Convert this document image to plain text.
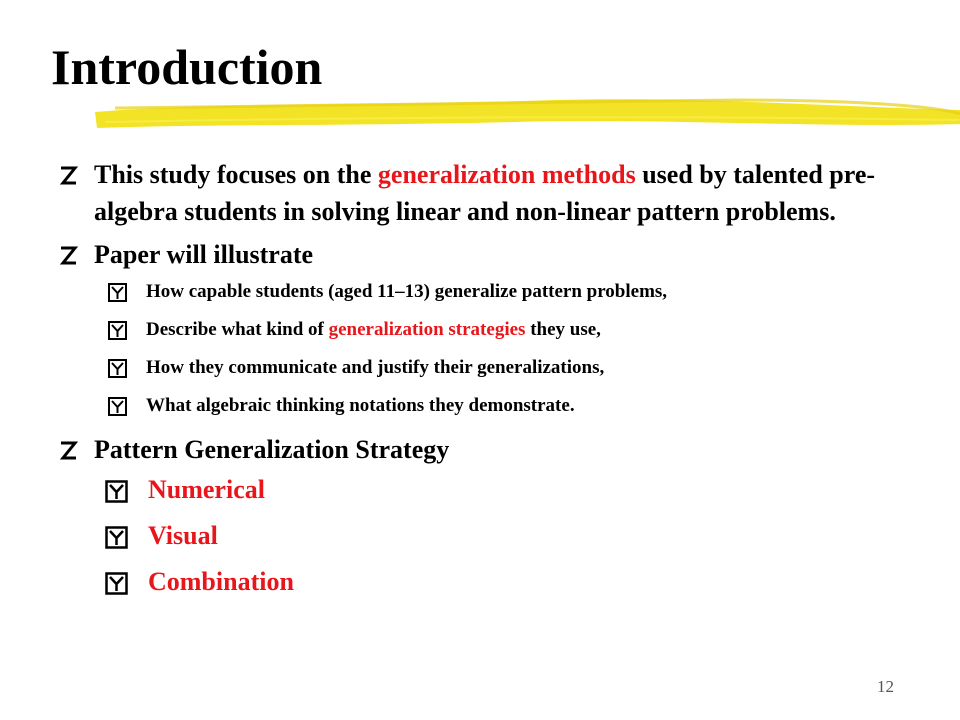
Introduction
This study focuses on the generalization methods used by talented pre-algebra students in solving linear and non-linear pattern problems.
Paper will illustrate
How capable students (aged 11–13) generalize pattern problems,
Describe what kind of generalization strategies they use,
How they communicate and justify their generalizations,
What algebraic thinking notations they demonstrate.
Pattern Generalization Strategy
Numerical
Visual
Combination
12
